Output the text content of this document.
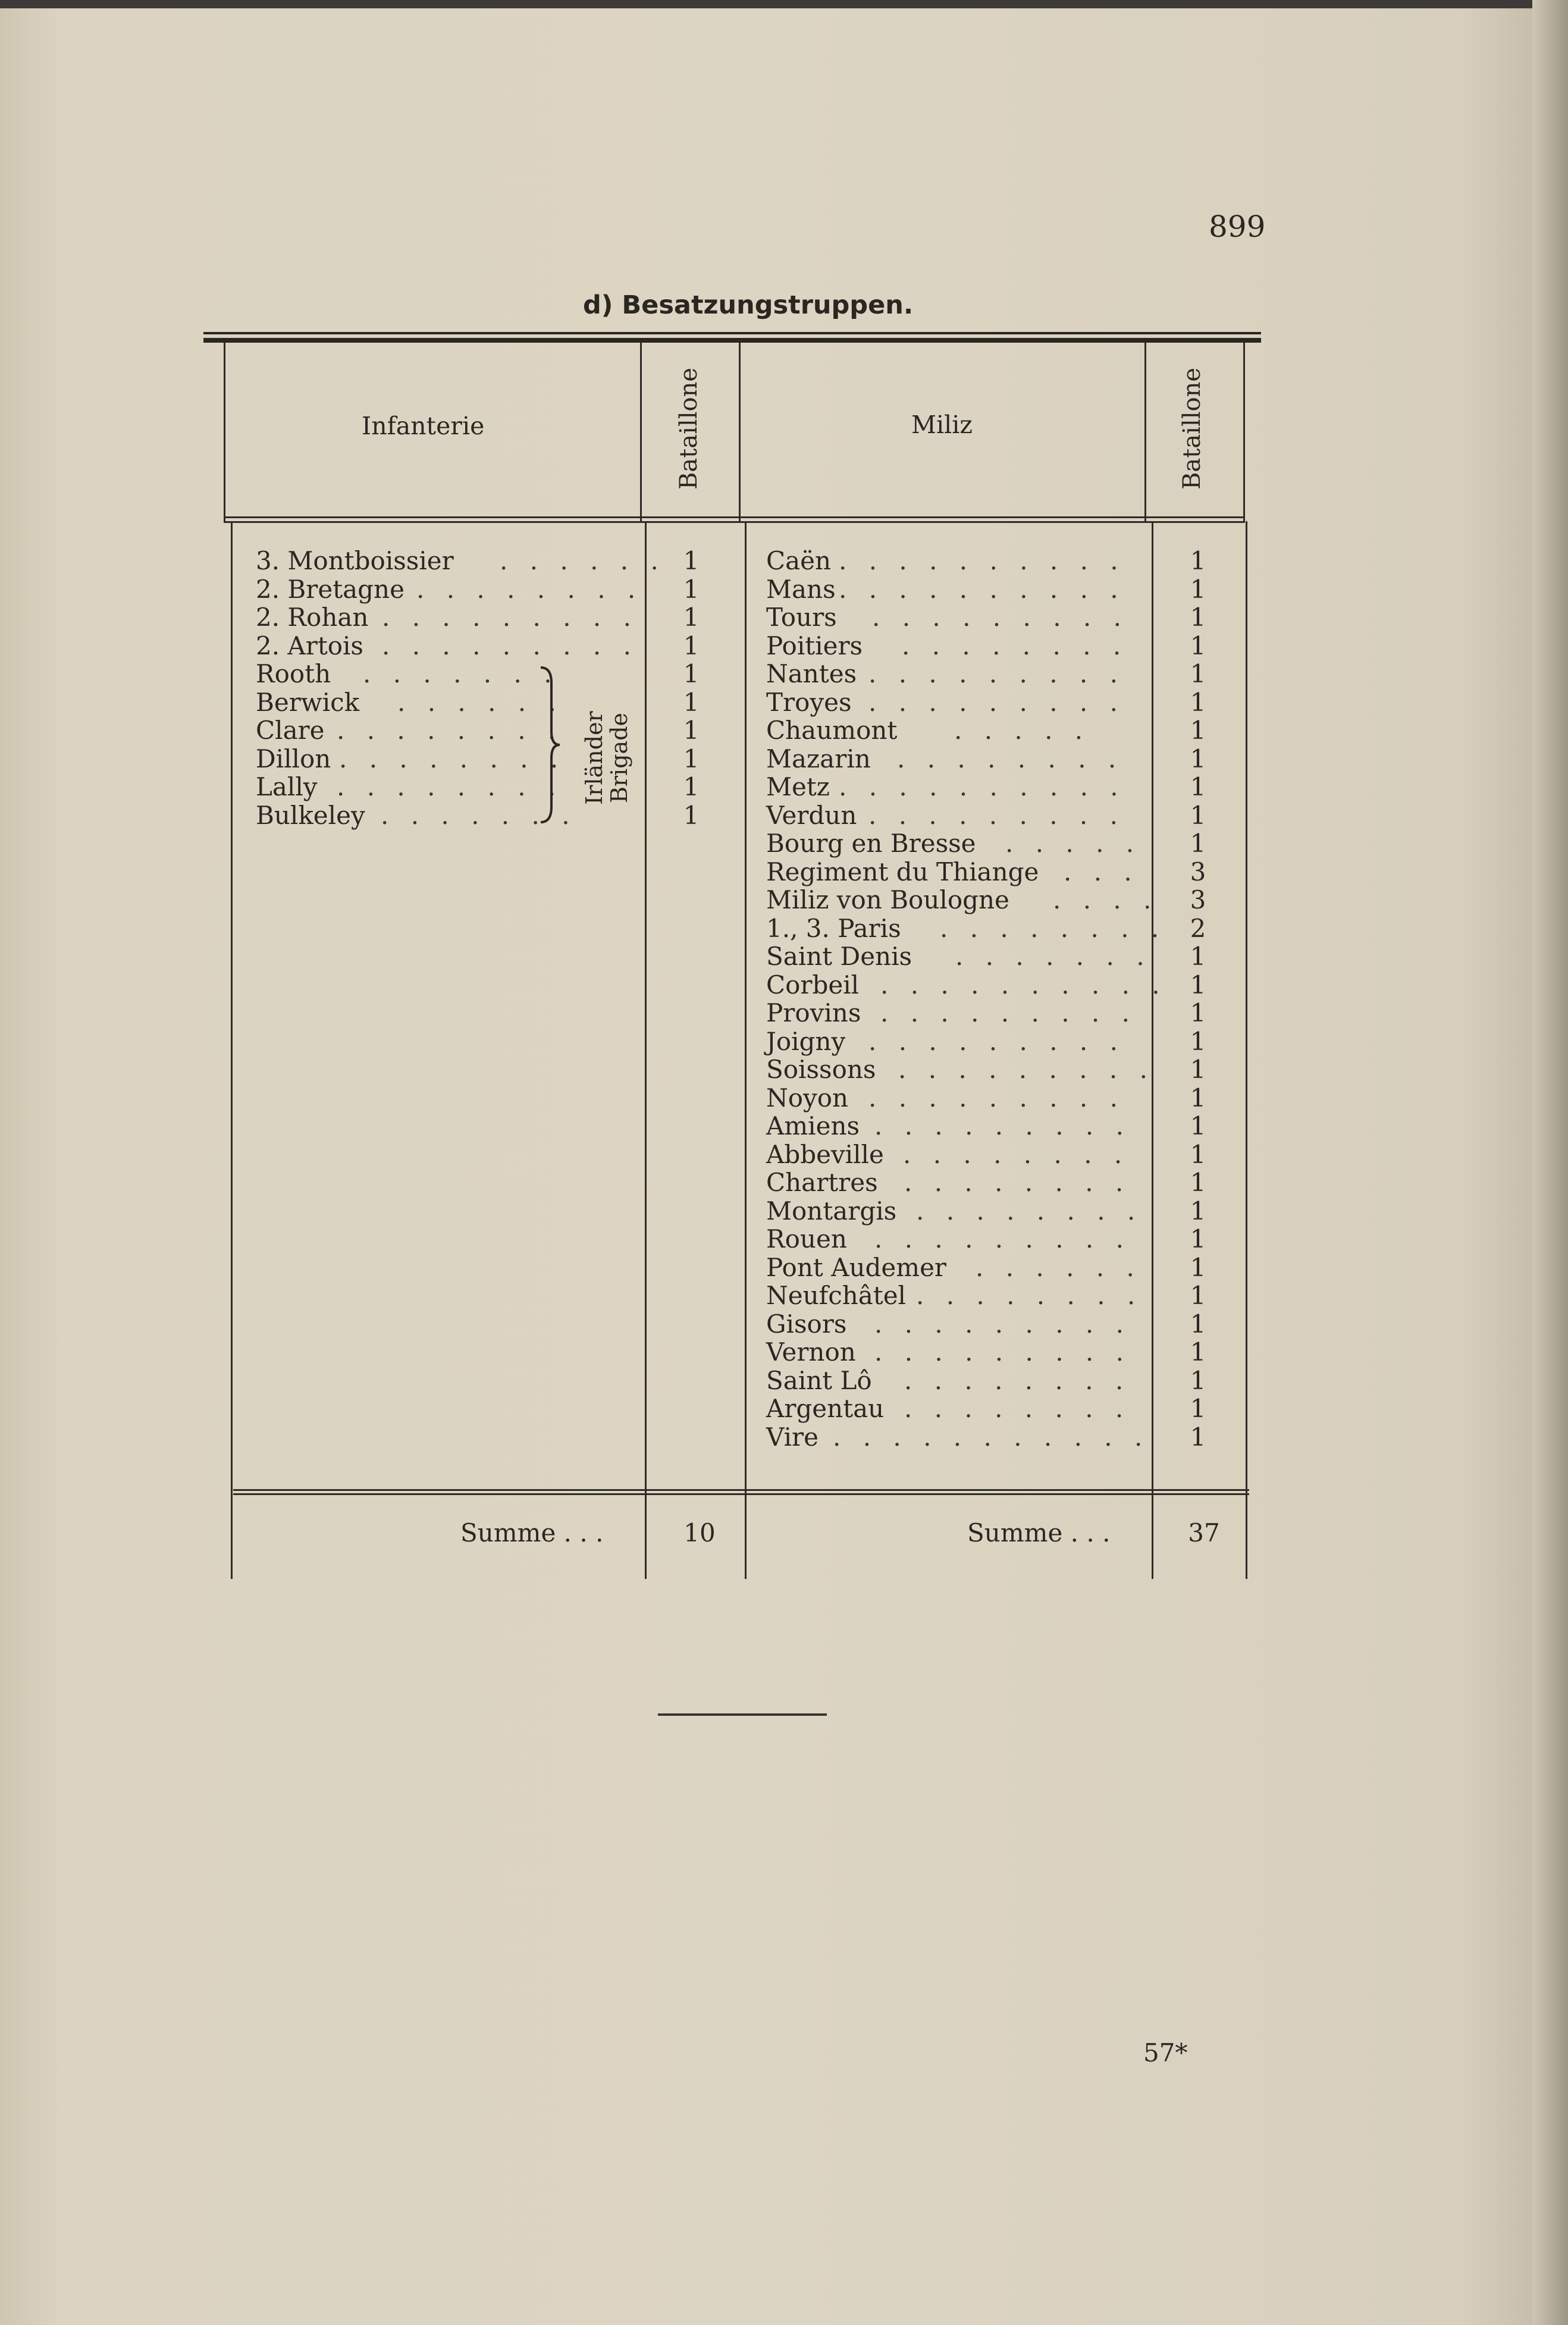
899
d) Besatzungstruppen.
Infanterie	Bataillone	Miliz	Bataillone
3. Montboissier . . . . . . 1
2. Bretagne . . . . . . . .	1
2. Rohan . . . . . . . . .	1
2. Artois . . . . . . . . .	1
Rooth . . . . . . .	1
Berwick . . . . . .	1
Clare . . . . . . . .	1
Dillon . . . . . . . .	1
Lally . . . . . . . .	1
Bulkeley . . . . . . .	1
Irländer
Brigade
Caën . . . . . . . . . .	1
Mans . . . . . . . . . .	1
Tours . . . . . . . . .	1
Poitiers . . . . . . . .	1
Nantes . . . . . . . . .	1
Troyes . . . . . . . . .	1
Chaumont . . . . .	1
Mazarin . . . . . . . .	1
Metz . . . . . . . . . .	1
Verdun . . . . . . . . .	1
Bourg en Bresse . . . . .	1
Regiment du Thiange . . .	3
Miliz von Boulogne . . . .	3
1., 3. Paris . . . . . . . . 2
Saint Denis . . . . . . .	1
Corbeil . . . . . . . . . . 1
Provins . . . . . . . . .	1
Joigny . . . . . . . . .	1
Soissons . . . . . . . . .	1
Noyon . . . . . . . . .	1
Amiens . . . . . . . . .	1
Abbeville . . . . . . . .	1
Chartres . . . . . . . .	1
Montargis . . . . . . . .	1
Rouen . . . . . . . . .	1
Pont Audemer . . . . . .	1
Neufchâtel . . . . . . . .	1
Gisors . . . . . . . . .	1
Vernon . . . . . . . . .	1
Saint Lô . . . . . . . .	1
Argentau . . . . . . . .	1
Vire . . . . . . . . . . .	1
Summe . . .	10	Summe . . .	37
57*
